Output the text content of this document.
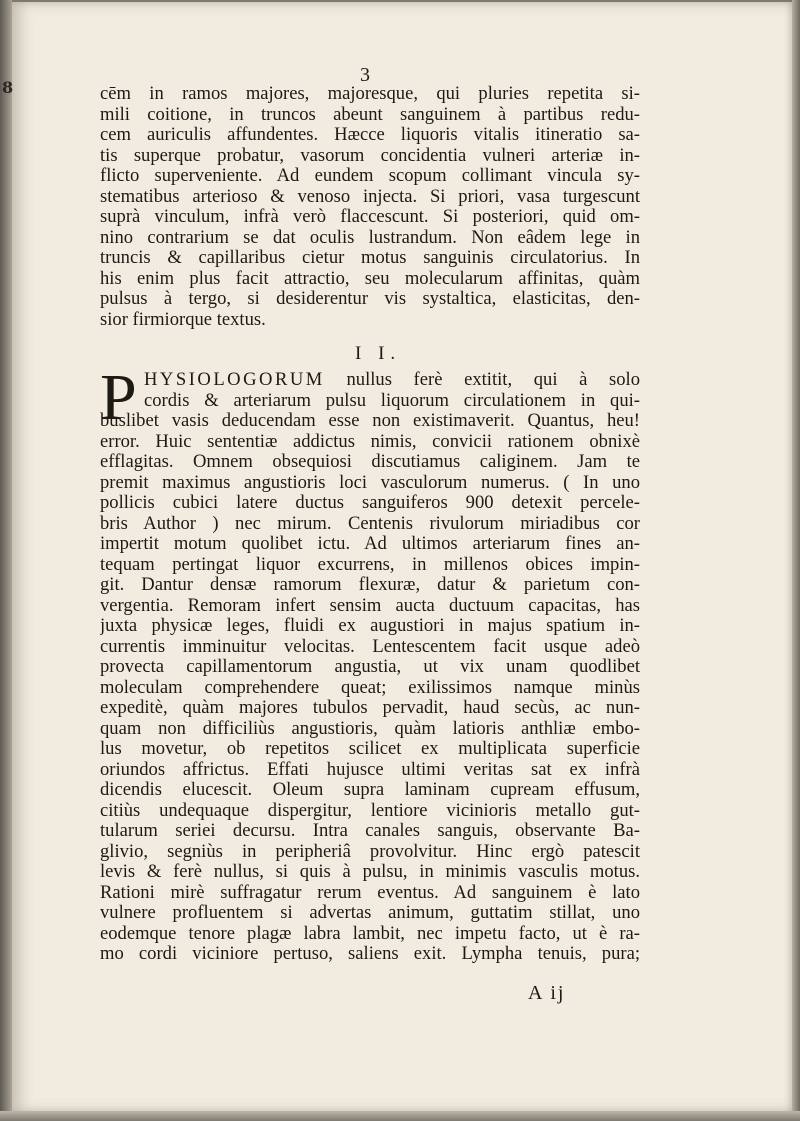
8
3
cēm in ramos majores, majoresque, qui pluries repetita si-
mili coitione, in truncos abeunt sanguinem à partibus redu-
cem auriculis affundentes. Hæcce liquoris vitalis itineratio sa-
tis superque probatur, vasorum concidentia vulneri arteriæ in-
flicto superveniente. Ad eundem scopum collimant vincula sy-
stematibus arterioso & venoso injecta. Si priori, vasa turgescunt
suprà vinculum, infrà verò flaccescunt. Si posteriori, quid om-
nino contrarium se dat oculis lustrandum. Non eâdem lege in
truncis & capillaribus cietur motus sanguinis circulatorius. In
his enim plus facit attractio, seu molecularum affinitas, quàm
pulsus à tergo, si desiderentur vis systaltica, elasticitas, den-
sior firmiorque textus.
I I.
P HYSIOLOGORUM nullus ferè extitit, qui à solo
cordis & arteriarum pulsu liquorum circulationem in qui-
buslibet vasis deducendam esse non existimaverit. Quantus, heu!
error. Huic sententiæ addictus nimis, convicii rationem obnixè
efflagitas. Omnem obsequiosi discutiamus caliginem. Jam te
premit maximus angustioris loci vasculorum numerus. ( In uno
pollicis cubici latere ductus sanguiferos 900 detexit percele-
bris Author ) nec mirum. Centenis rivulorum miriadibus cor
impertit motum quolibet ictu. Ad ultimos arteriarum fines an-
tequam pertingat liquor excurrens, in millenos obices impin-
git. Dantur densæ ramorum flexuræ, datur & parietum con-
vergentia. Remoram infert sensim aucta ductuum capacitas, has
juxta physicæ leges, fluidi ex augustiori in majus spatium in-
currentis imminuitur velocitas. Lentescentem facit usque adeò
provecta capillamentorum angustia, ut vix unam quodlibet
moleculam comprehendere queat; exilissimos namque minùs
expeditè, quàm majores tubulos pervadit, haud secùs, ac nun-
quam non difficiliùs angustioris, quàm latioris anthliæ embo-
lus movetur, ob repetitos scilicet ex multiplicata superficie
oriundos affrictus. Effati hujusce ultimi veritas sat ex infrà
dicendis elucescit. Oleum supra laminam cupream effusum,
citiùs undequaque dispergitur, lentiore vicinioris metallo gut-
tularum seriei decursu. Intra canales sanguis, observante Ba-
glivio, segniùs in peripheriâ provolvitur. Hinc ergò patescit
levis & ferè nullus, si quis à pulsu, in minimis vasculis motus.
Rationi mirè suffragatur rerum eventus. Ad sanguinem è lato
vulnere profluentem si advertas animum, guttatim stillat, uno
eodemque tenore plagæ labra lambit, nec impetu facto, ut è ra-
mo cordi viciniore pertuso, saliens exit. Lympha tenuis, pura;
A ij
